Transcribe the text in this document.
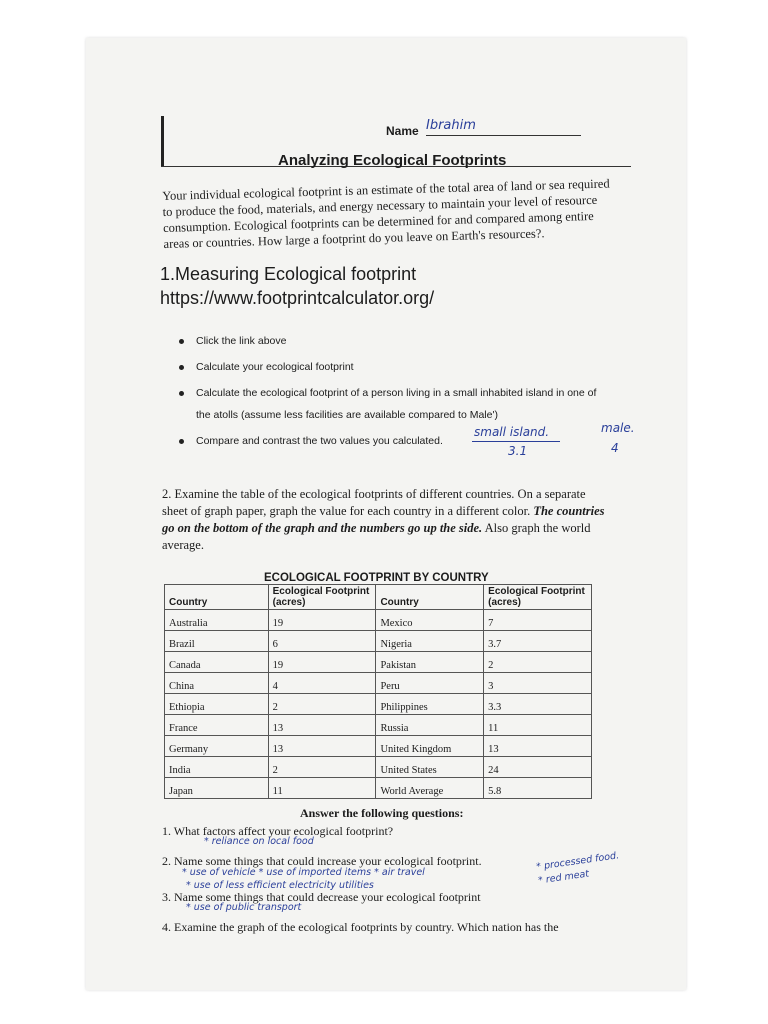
Name Ibrahim
Analyzing Ecological Footprints
Your individual ecological footprint is an estimate of the total area of land or sea required to produce the food, materials, and energy necessary to maintain your level of resource consumption. Ecological footprints can be determined for and compared among entire areas or countries. How large a footprint do you leave on Earth's resources?.
1.Measuring Ecological footprint
https://www.footprintcalculator.org/
Click the link above
Calculate your ecological footprint
Calculate the ecological footprint of a person living in a small inhabited island in one of
the atolls (assume less facilities are available compared to Male')
Compare and contrast the two values you calculated.
small island.
3.1
male.
4
2. Examine the table of the ecological footprints of different countries. On a separate sheet of graph paper, graph the value for each country in a different color. The countries go on the bottom of the graph and the numbers go up the side. Also graph the world average.
ECOLOGICAL FOOTPRINT BY COUNTRY
Country	Ecological Footprint (acres)	Country	Ecological Footprint (acres)
Australia	19	Mexico	7
Brazil	6	Nigeria	3.7
Canada	19	Pakistan	2
China	4	Peru	3
Ethiopia	2	Philippines	3.3
France	13	Russia	11
Germany	13	United Kingdom	13
India	2	United States	24
Japan	11	World Average	5.8
Answer the following questions:
1. What factors affect your ecological footprint?
* reliance on local food
2. Name some things that could increase your ecological footprint.
* use of vehicle * use of imported items * air travel
* use of less efficient electricity utilities
* processed food.
* red meat
3. Name some things that could decrease your ecological footprint
* use of public transport
4. Examine the graph of the ecological footprints by country. Which nation has the
